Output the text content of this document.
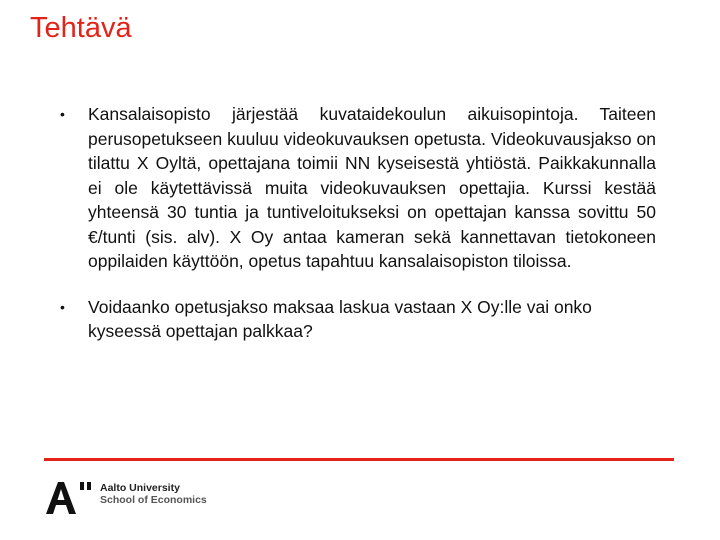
Tehtävä
•	Kansalaisopisto järjestää kuvataidekoulun aikuisopintoja. Taiteen perusopetukseen kuuluu videokuvauksen opetusta. Videokuvausjakso on tilattu X Oyltä, opettajana toimii NN kyseisestä yhtiöstä. Paikkakunnalla ei ole käytettävissä muita videokuvauksen opettajia. Kurssi kestää yhteensä 30 tuntia ja tuntiveloitukseksi on opettajan kanssa sovittu 50 €/tunti (sis. alv). X Oy antaa kameran sekä kannettavan tietokoneen oppilaiden käyttöön, opetus tapahtuu kansalaisopiston tiloissa.
•	Voidaanko opetusjakso maksaa laskua vastaan X Oy:lle vai onko kyseessä opettajan palkkaa?
Aalto University
School of Economics
